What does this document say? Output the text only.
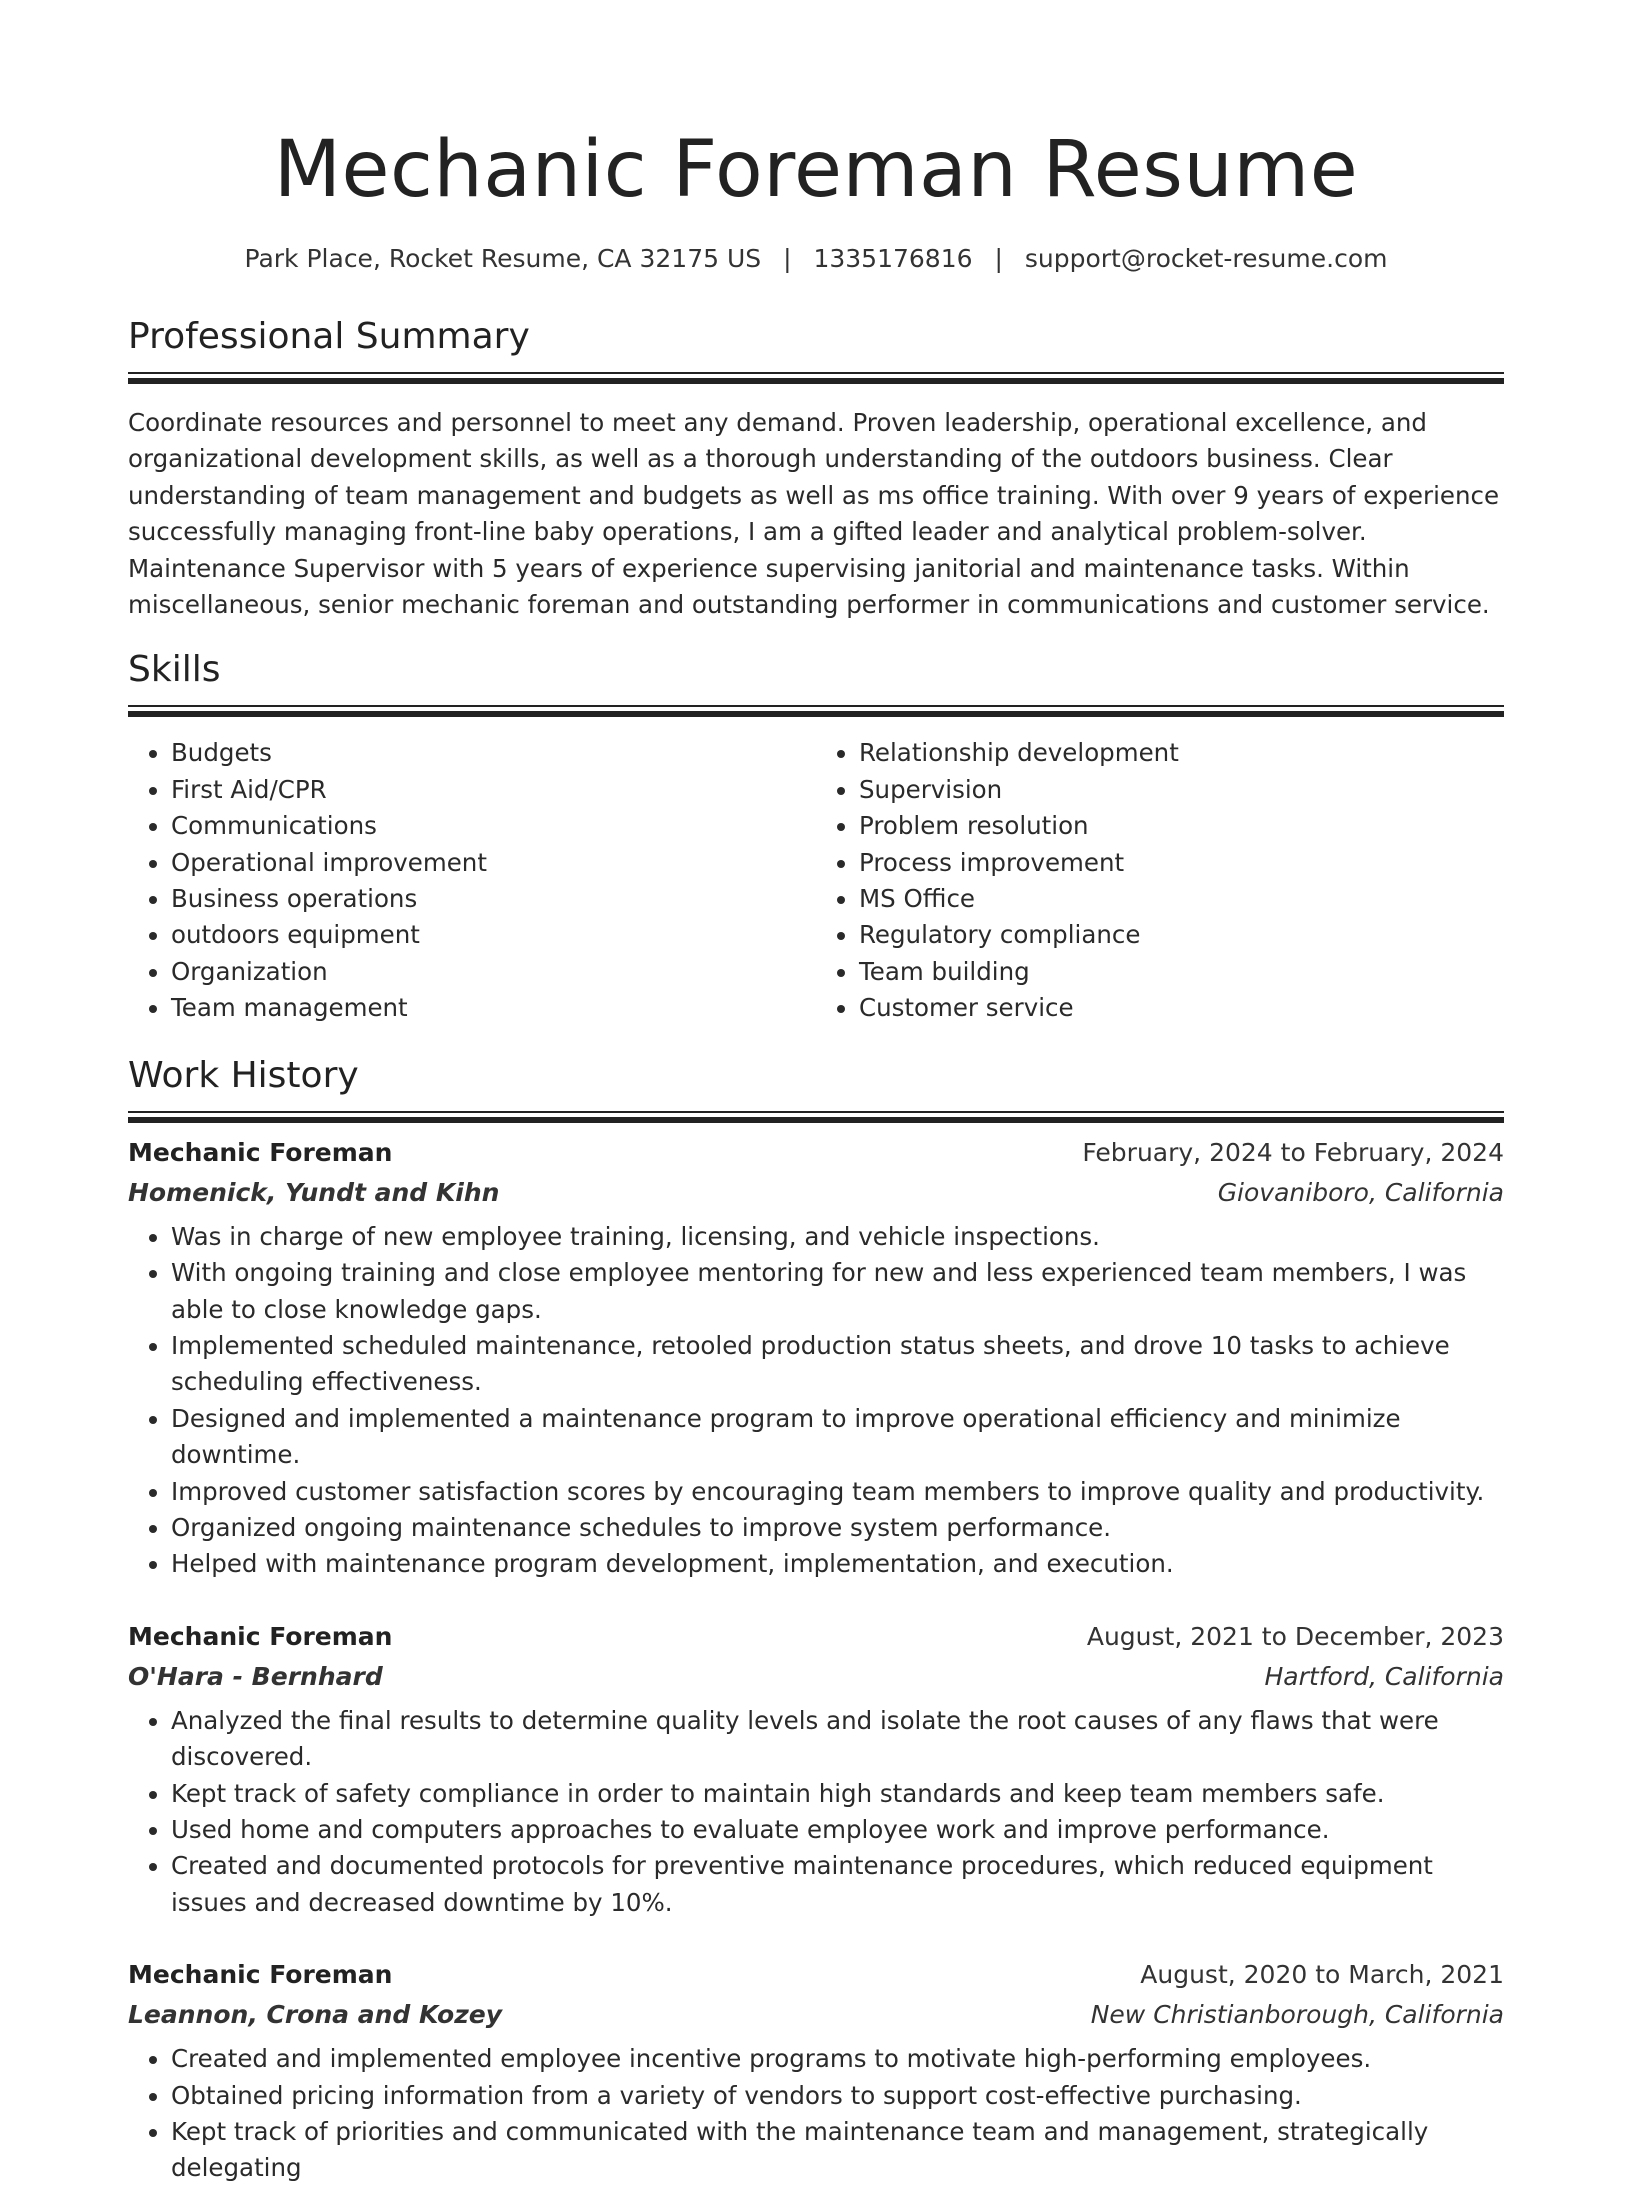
Mechanic Foreman Resume
Park Place, Rocket Resume, CA 32175 US | 1335176816 | support@rocket-resume.com
Professional Summary

Coordinate resources and personnel to meet any demand. Proven leadership, operational excellence, and organizational development skills, as well as a thorough understanding of the outdoors business. Clear understanding of team management and budgets as well as ms office training. With over 9 years of experience successfully managing front-line baby operations, I am a gifted leader and analytical problem-solver. Maintenance Supervisor with 5 years of experience supervising janitorial and maintenance tasks. Within miscellaneous, senior mechanic foreman and outstanding performer in communications and customer service.

Skills
• Budgets
• First Aid/CPR
• Communications
• Operational improvement
• Business operations
• outdoors equipment
• Organization
• Team management
• Relationship development
• Supervision
• Problem resolution
• Process improvement
• MS Office
• Regulatory compliance
• Team building
• Customer service
Work History
Mechanic Foreman	February, 2024 to February, 2024
Homenick, Yundt and Kihn	Giovaniboro, California
• Was in charge of new employee training, licensing, and vehicle inspections.
• With ongoing training and close employee mentoring for new and less experienced team members, I was able to close knowledge gaps.
• Implemented scheduled maintenance, retooled production status sheets, and drove 10 tasks to achieve scheduling effectiveness.
• Designed and implemented a maintenance program to improve operational efficiency and minimize downtime.
• Improved customer satisfaction scores by encouraging team members to improve quality and productivity.
• Organized ongoing maintenance schedules to improve system performance.
• Helped with maintenance program development, implementation, and execution.
Mechanic Foreman	August, 2021 to December, 2023
O'Hara - Bernhard	Hartford, California
• Analyzed the final results to determine quality levels and isolate the root causes of any flaws that were discovered.
• Kept track of safety compliance in order to maintain high standards and keep team members safe.
• Used home and computers approaches to evaluate employee work and improve performance.
• Created and documented protocols for preventive maintenance procedures, which reduced equipment issues and decreased downtime by 10%.
Mechanic Foreman	August, 2020 to March, 2021
Leannon, Crona and Kozey	New Christianborough, California
• Created and implemented employee incentive programs to motivate high-performing employees.
• Obtained pricing information from a variety of vendors to support cost-effective purchasing.
• Kept track of priorities and communicated with the maintenance team and management, strategically delegating
